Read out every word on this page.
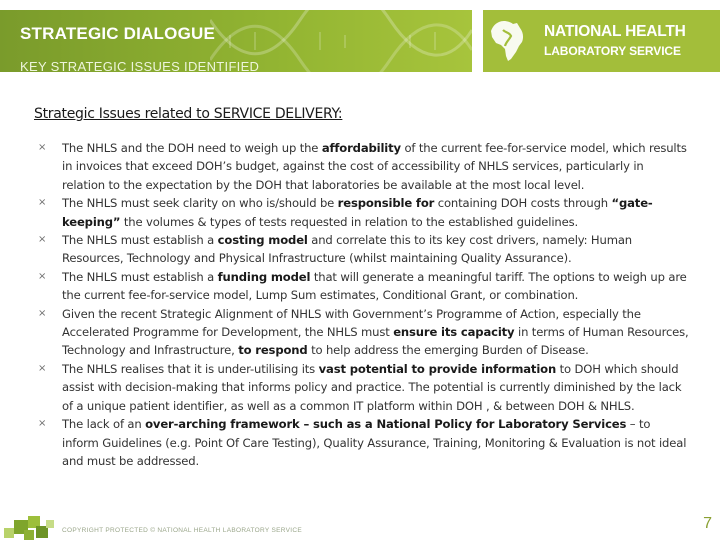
STRATEGIC DIALOGUE
KEY STRATEGIC ISSUES IDENTIFIED
NATIONAL HEALTH
LABORATORY SERVICE
Strategic Issues related to SERVICE DELIVERY:
× The NHLS and the DOH need to weigh up the affordability of the current fee-for-service model, which results in invoices that exceed DOH’s budget, against the cost of accessibility of NHLS services, particularly in relation to the expectation by the DOH that laboratories be available at the most local level.
× The NHLS must seek clarity on who is/should be responsible for containing DOH costs through “gate-keeping” the volumes & types of tests requested in relation to the established guidelines.
× The NHLS must establish a costing model and correlate this to its key cost drivers, namely: Human Resources, Technology and Physical Infrastructure (whilst maintaining Quality Assurance).
× The NHLS must establish a funding model that will generate a meaningful tariff. The options to weigh up are the current fee-for-service model, Lump Sum estimates, Conditional Grant, or combination.
× Given the recent Strategic Alignment of NHLS with Government’s Programme of Action, especially the Accelerated Programme for Development, the NHLS must ensure its capacity in terms of Human Resources, Technology and Infrastructure, to respond to help address the emerging Burden of Disease.
× The NHLS realises that it is under-utilising its vast potential to provide information to DOH which should assist with decision-making that informs policy and practice. The potential is currently diminished by the lack of a unique patient identifier, as well as a common IT platform within DOH , & between DOH & NHLS.
× The lack of an over-arching framework – such as a National Policy for Laboratory Services – to inform Guidelines (e.g. Point Of Care Testing), Quality Assurance, Training, Monitoring & Evaluation is not ideal and must be addressed.
COPYRIGHT PROTECTED © NATIONAL HEALTH LABORATORY SERVICE	7
